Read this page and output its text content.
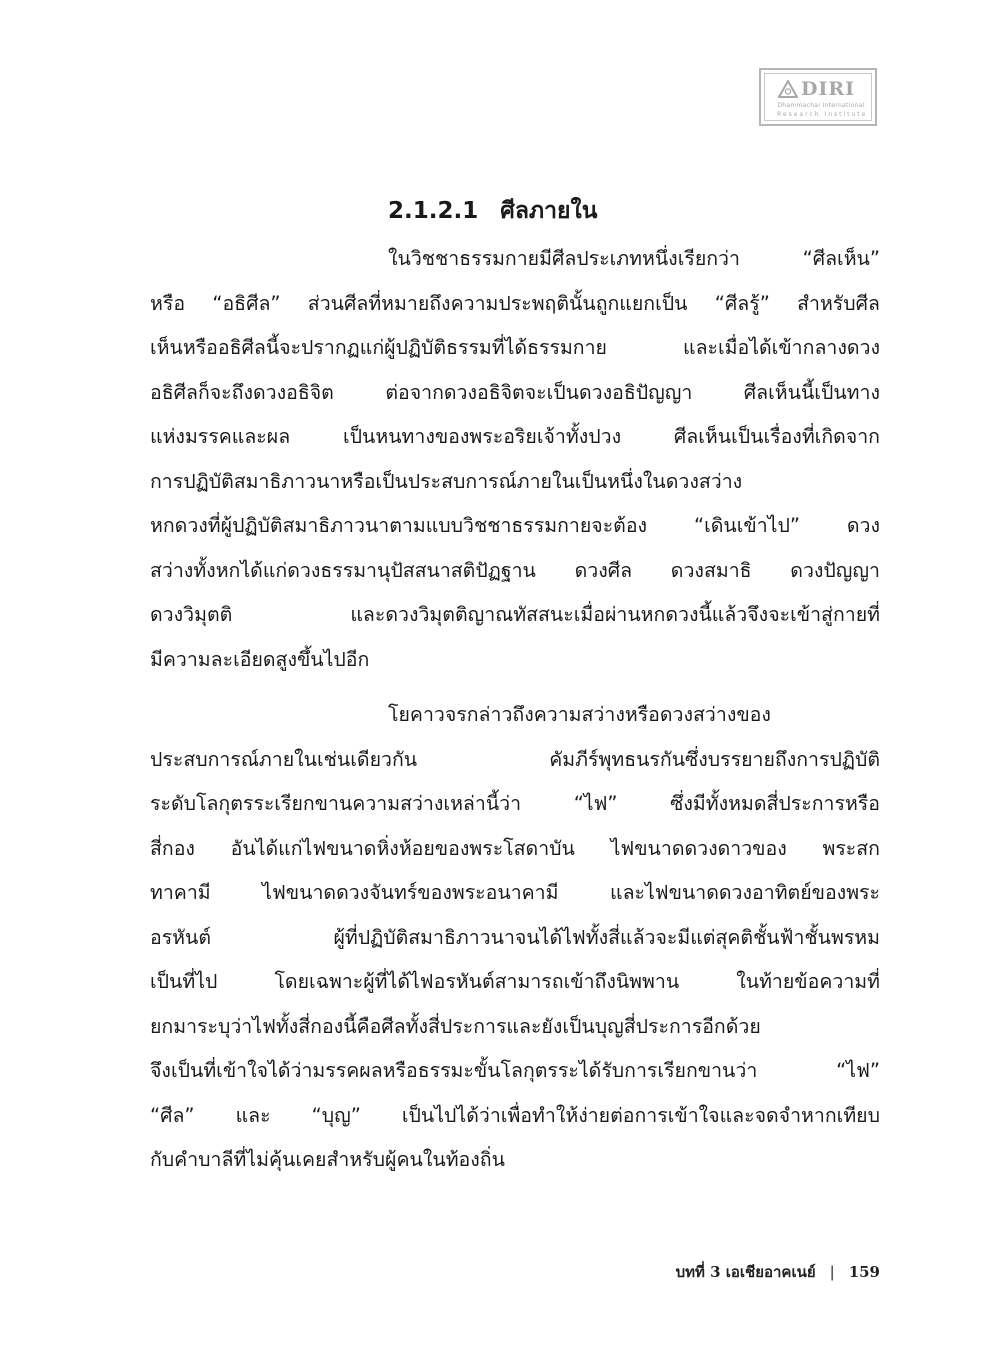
DIRI
Dhammachai International
Research Institute
2.1.2.1 ศีลภายใน
ในวิชชาธรรมกายมีศีลประเภทหนึ่งเรียกว่า “ศีลเห็น”
หรือ “อธิศีล” ส่วนศีลที่หมายถึงความประพฤตินั้นถูกแยกเป็น “ศีลรู้” สำหรับศีล
เห็นหรืออธิศีลนี้จะปรากฏแก่ผู้ปฏิบัติธรรมที่ได้ธรรมกาย และเมื่อได้เข้ากลางดวง
อธิศีลก็จะถึงดวงอธิจิต ต่อจากดวงอธิจิตจะเป็นดวงอธิปัญญา ศีลเห็นนี้เป็นทาง
แห่งมรรคและผล เป็นหนทางของพระอริยเจ้าทั้งปวง ศีลเห็นเป็นเรื่องที่เกิดจาก
การปฏิบัติสมาธิภาวนาหรือเป็นประสบการณ์ภายในเป็นหนึ่งในดวงสว่าง
หกดวงที่ผู้ปฏิบัติสมาธิภาวนาตามแบบวิชชาธรรมกายจะต้อง “เดินเข้าไป” ดวง
สว่างทั้งหกได้แก่ดวงธรรมานุปัสสนาสติปัฏฐาน ดวงศีล ดวงสมาธิ ดวงปัญญา
ดวงวิมุตติ และดวงวิมุตติญาณทัสสนะเมื่อผ่านหกดวงนี้แล้วจึงจะเข้าสู่กายที่
มีความละเอียดสูงขึ้นไปอีก
โยคาวจรกล่าวถึงความสว่างหรือดวงสว่างของ
ประสบการณ์ภายในเช่นเดียวกัน คัมภีร์พุทธนรกันซึ่งบรรยายถึงการปฏิบัติ
ระดับโลกุตรระเรียกขานความสว่างเหล่านี้ว่า “ไฟ” ซึ่งมีทั้งหมดสี่ประการหรือ
สี่กอง อันได้แก่ไฟขนาดหิ่งห้อยของพระโสดาบัน ไฟขนาดดวงดาวของ พระสก
ทาคามี ไฟขนาดดวงจันทร์ของพระอนาคามี และไฟขนาดดวงอาทิตย์ของพระ
อรหันต์ ผู้ที่ปฏิบัติสมาธิภาวนาจนได้ไฟทั้งสี่แล้วจะมีแต่สุคติชั้นฟ้าชั้นพรหม
เป็นที่ไป โดยเฉพาะผู้ที่ได้ไฟอรหันต์สามารถเข้าถึงนิพพาน ในท้ายข้อความที่
ยกมาระบุว่าไฟทั้งสี่กองนี้คือศีลทั้งสี่ประการและยังเป็นบุญสี่ประการอีกด้วย
จึงเป็นที่เข้าใจได้ว่ามรรคผลหรือธรรมะขั้นโลกุตรระได้รับการเรียกขานว่า “ไฟ”
“ศีล” และ “บุญ” เป็นไปได้ว่าเพื่อทำให้ง่ายต่อการเข้าใจและจดจำหากเทียบ
กับคำบาลีที่ไม่คุ้นเคยสำหรับผู้คนในท้องถิ่น
บทที่ 3 เอเชียอาคเนย์ | 159
